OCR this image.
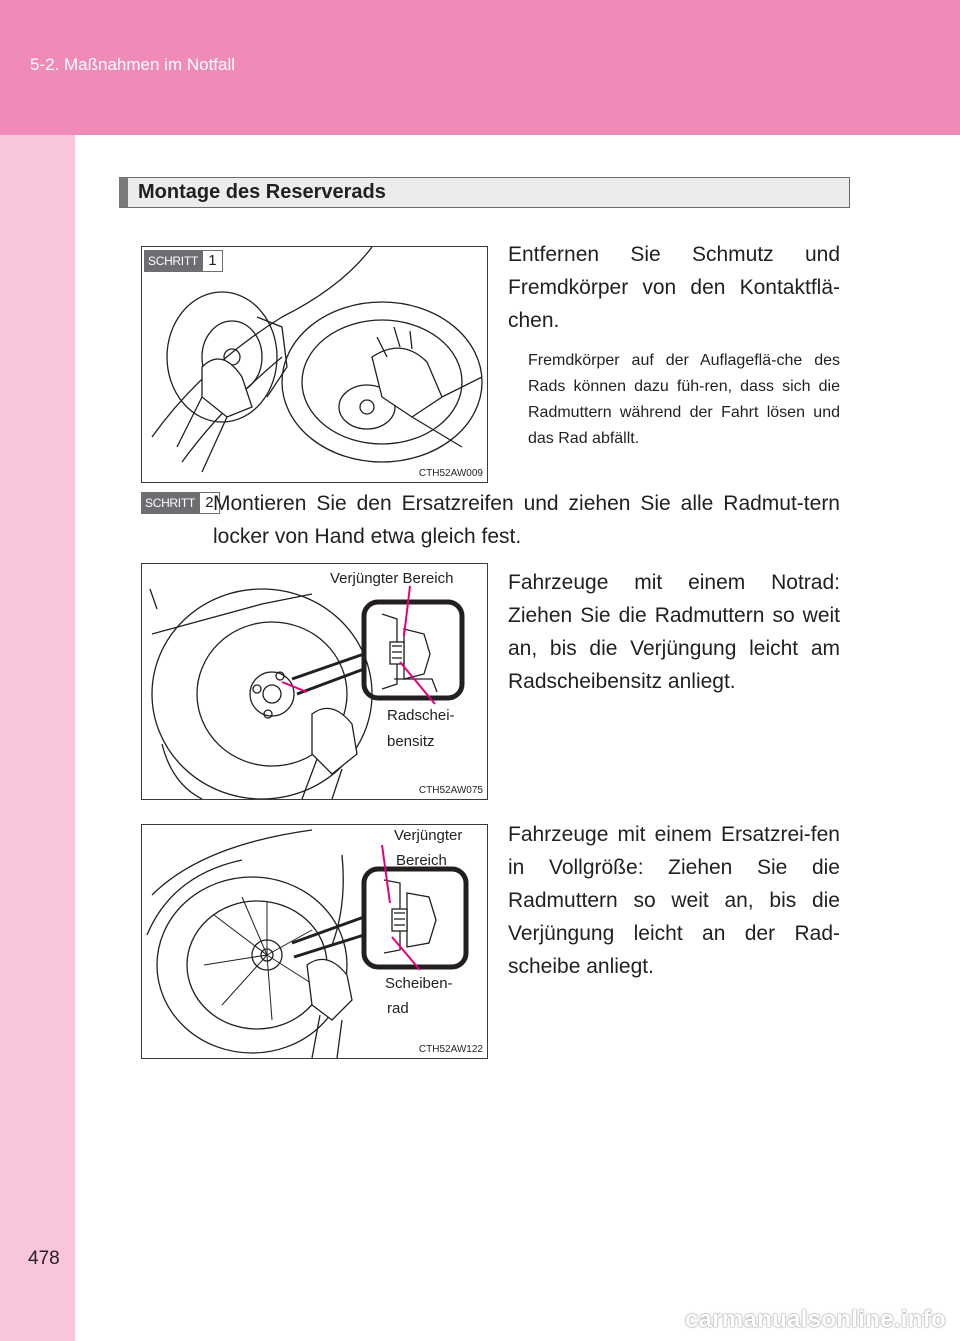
5-2. Maßnahmen im Notfall
478
Montage des Reserverads
SCHRITT 1
CTH52AW009
Entfernen Sie Schmutz und Fremdkörper von den Kontaktflä-chen.
Fremdkörper auf der Auflageflä-che des Rads können dazu füh-ren, dass sich die Radmuttern während der Fahrt lösen und das Rad abfällt.
SCHRITT 2 Montieren Sie den Ersatzreifen und ziehen Sie alle Radmut-tern locker von Hand etwa gleich fest.
Verjüngter Bereich
Radschei-
bensitz
CTH52AW075
Fahrzeuge mit einem Notrad: Ziehen Sie die Radmuttern so weit an, bis die Verjüngung leicht am Radscheibensitz anliegt.
Verjüngter
Bereich
Scheiben-
rad
CTH52AW122
Fahrzeuge mit einem Ersatzrei-fen in Vollgröße: Ziehen Sie die Radmuttern so weit an, bis die Verjüngung leicht an der Rad-scheibe anliegt.
carmanualsonline.info
